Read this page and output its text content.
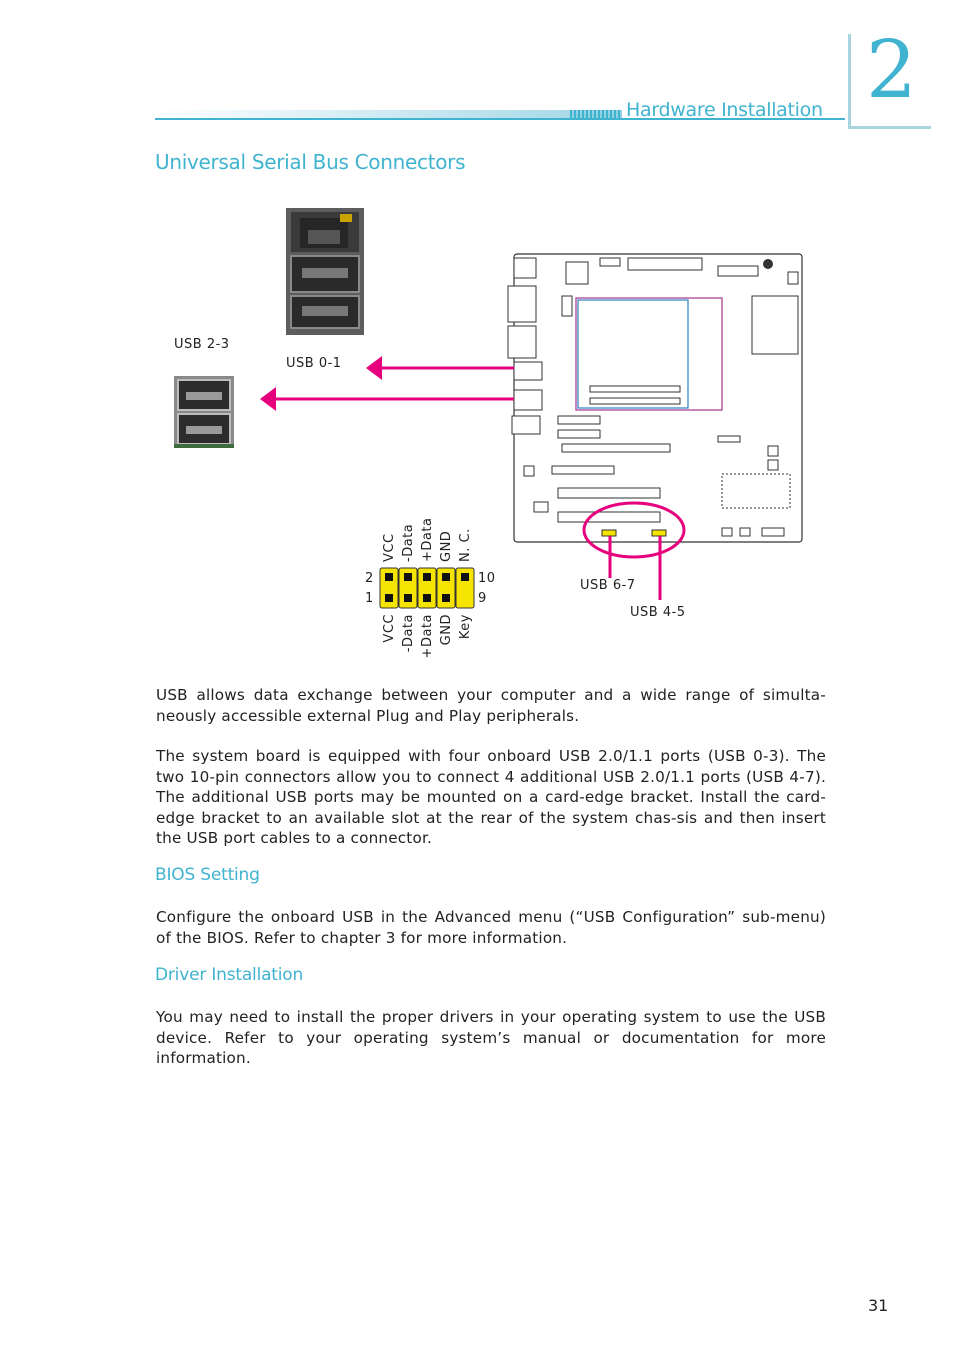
2
Hardware Installation
Universal Serial Bus Connectors
USB 2-3
USB 0-1
USB 6-7
USB 4-5
2
1
10
9
VCC -Data +Data GND N. C.
VCC -Data +Data GND Key
USB allows data exchange between your computer and a wide range of simulta-neously accessible external Plug and Play peripherals.
The system board is equipped with four onboard USB 2.0/1.1 ports (USB 0-3). The two 10-pin connectors allow you to connect 4 additional USB 2.0/1.1 ports (USB 4-7). The additional USB ports may be mounted on a card-edge bracket. Install the card-edge bracket to an available slot at the rear of the system chas-sis and then insert the USB port cables to a connector.
BIOS Setting
Configure the onboard USB in the Advanced menu (“USB Configuration” sub-menu) of the BIOS. Refer to chapter 3 for more information.
Driver Installation
You may need to install the proper drivers in your operating system to use the USB device. Refer to your operating system’s manual or documentation for more information.
31
